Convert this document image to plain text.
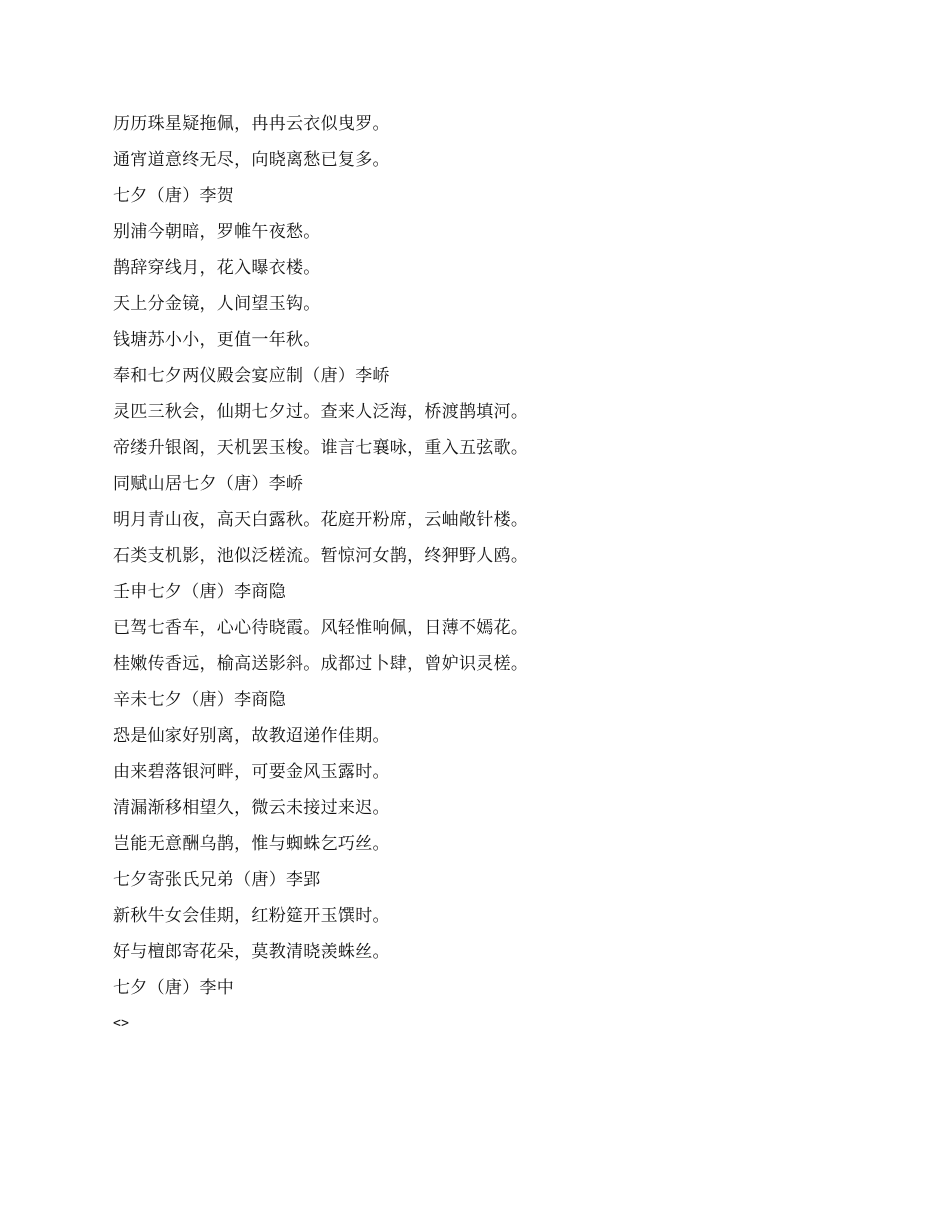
历历珠星疑拖佩，冉冉云衣似曳罗。
通宵道意终无尽，向晓离愁已复多。
七夕（唐）李贺
别浦今朝暗，罗帷午夜愁。
鹊辞穿线月，花入曝衣楼。
天上分金镜，人间望玉钩。
钱塘苏小小，更值一年秋。
奉和七夕两仪殿会宴应制（唐）李峤
灵匹三秋会，仙期七夕过。查来人泛海，桥渡鹊填河。
帝缕升银阁，天机罢玉梭。谁言七襄咏，重入五弦歌。
同赋山居七夕（唐）李峤
明月青山夜，高天白露秋。花庭开粉席，云岫敞针楼。
石类支机影，池似泛槎流。暂惊河女鹊，终狎野人鸥。
壬申七夕（唐）李商隐
已驾七香车，心心待晓霞。风轻惟响佩，日薄不嫣花。
桂嫩传香远，榆高送影斜。成都过卜肆，曾妒识灵槎。
辛未七夕（唐）李商隐
恐是仙家好别离，故教迢递作佳期。
由来碧落银河畔，可要金风玉露时。
清漏渐移相望久，微云未接过来迟。
岂能无意酬乌鹊，惟与蜘蛛乞巧丝。
七夕寄张氏兄弟（唐）李郢
新秋牛女会佳期，红粉筵开玉馔时。
好与檀郎寄花朵，莫教清晓羡蛛丝。
七夕（唐）李中
<>
